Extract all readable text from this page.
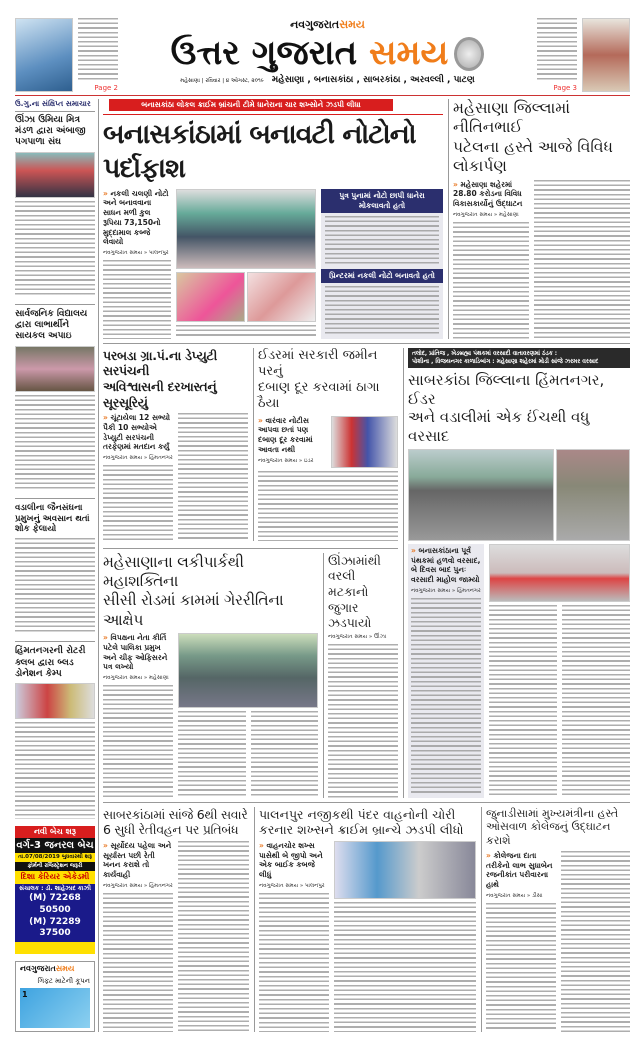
Page 2
નવગુજરાતસમય
ઉત્તર ગુજરાત સમય
મહેસાણા | રવિવાર | ૪ ઓગસ્ટ, ૨૦૧૯ મહેસાણા , બનાસકાંઠા , સાબરકાંઠા , અરવલ્લી , પાટણ
Page 3
ઉ.ગુ.ના સંક્ષિપ્ત સમાચાર
ઊંઝા ઉમિયા મિત્ર મંડળ દ્વારા અંબાજી પગપાળા સંઘ
સાર્વજનિક વિદ્યાલય દ્વારા લાભાર્થીને સાયકલ અપાઇ
વડાલીના જૈનસંઘના પ્રમુખનું અવસાન થતાં શોક ફેલાયો
હિંમતનગરની રોટરી ક્લબ દ્વારા બ્લડ ડોનેશન કેમ્પ
નવી બેચ શરૂ
વર્ગ-3 જનરલ બેચ
તા.07/08/2019 બુધવારથી શરૂ
ફોર્મની રજિસ્ટ્રેશન જરૂરી
દિશા કેરિયર એકેડમી
સંચાલક : ડૉ. શાહેઝાદ કાઝી
(M) 72268 50500
(M) 72289 37500
નવગુજરાતસમય
ગિફ્ટ માટેની કૂપન
1
બનાસકાંઠા લોકલ ક્રાઈમ બ્રાંચની ટીમે ધાનેરાના ચાર શખ્સોને ઝડપી લીધા
બનાસકાંઠામાં બનાવટી નોટોનો પર્દાફાશ
» નકલી ચલણી નોટો અને બનાવવાના સાધન મળી કુલ રૂપિયા 73,150નો મુદ્દામાલ કબ્જે લેવાયો
નવગુજરાત સમય » પાલનપુર
પુત્ર પુનામાં નોટો છાપી ધાનેરા મોકલાવતો હતો
પ્રિન્ટરમાં નકલી નોટો બનાવતો હતો
મહેસાણા જિલ્લામાં નીતિનભાઈ
પટેલના હસ્તે આજે વિવિધ લોકાર્પણ
» મહેસાણા શહેરમાં 28.80 કરોડના વિવિધ વિકાસકાર્યોનું ઉદ્ઘાટન
નવગુજરાત સમય » મહેસાણા
પરબડા ગ્રા.પં.ના ડેપ્યુટી સરપંચની
અવિશ્વાસની દરખાસ્તનું સૂરસૂરિયું
» ચૂંટાયેલા 12 સભ્યો પૈકી 10 સભ્યોએ ડેપ્યુટી સરપંચની તરફેણમાં મતદાન કર્યું
નવગુજરાત સમય » હિંમતનગર
ઈડરમાં સરકારી જમીન પરનું
દબાણ દૂર કરવામાં ઠાગા ઠૈયા
» વારંવાર નોટીસ આપવા છતાં પણ દબાણ દૂર કરવામાં આવતા નથી
નવગુજરાત સમય » ઇડર
મહેસાણાના લકીપાર્કથી મહાશક્તિના
સીસી રોડમાં કામમાં ગેરરીતિના આક્ષેપ
» વિપક્ષના નેતા કીર્તિ પટેલે પાલિકા પ્રમુખ અને ચીફ ઓફિસરને પત્ર લખ્યો
નવગુજરાત સમય » મહેસાણા
ઊંઝામાંથી વરલી મટકાનો જુગાર ઝડપાયો
નવગુજરાત સમય » ઊંઝા
તલોદ, પ્રાંતિજ , ખેડબ્રહ્મા પંથકમાં વરસાદી વાતાવરણમાં ઠંડક :
પોશીના , વિજયનગર કાળાડિબાંગ : મહેસાણા શહેરમાં મોડી સાંજે ઝરમર વરસાદ
સાબરકાંઠા જિલ્લાના હિંમતનગર, ઈડર
અને વડાલીમાં એક ઈંચથી વધુ વરસાદ
» બનાસકાંઠાના પૂર્વ પંથકમાં હળવો વરસાદ, બે દિવસ બાદ પુનઃ વરસાદી માહોલ જામ્યો
નવગુજરાત સમય » હિંમતનગર
સાબરકાંઠામાં સાંજે 6થી સવારે
6 સુધી રેતીવહન પર પ્રતિબંધ
» સૂર્યોદય પહેલા અને સૂર્યાસ્ત પછી રેતી ખનન કરાશે તો કાર્યવાહી
નવગુજરાત સમય » હિંમતનગર
પાલનપુર નજીકથી પંદર વાહનોની ચોરી
કરનાર શખ્સને ક્રાઈમ બ્રાન્ચે ઝડપી લીધો
» વાહનચોર શખ્સ પાસેથી બે જીપો અને એક બાઈક કબજે લીધું
નવગુજરાત સમય » પાલનપુર
જુનાડીસામાં મુખ્યમંત્રીના હસ્તે
ઓસવાળ કોલેજનું ઉદ્ઘાટન કરાશે
» કોલેજના દાતા તરીકેનો લાભ સુધાબેન રજનીકાંત પરીવારના હાથે
નવગુજરાત સમય » ડીસા
